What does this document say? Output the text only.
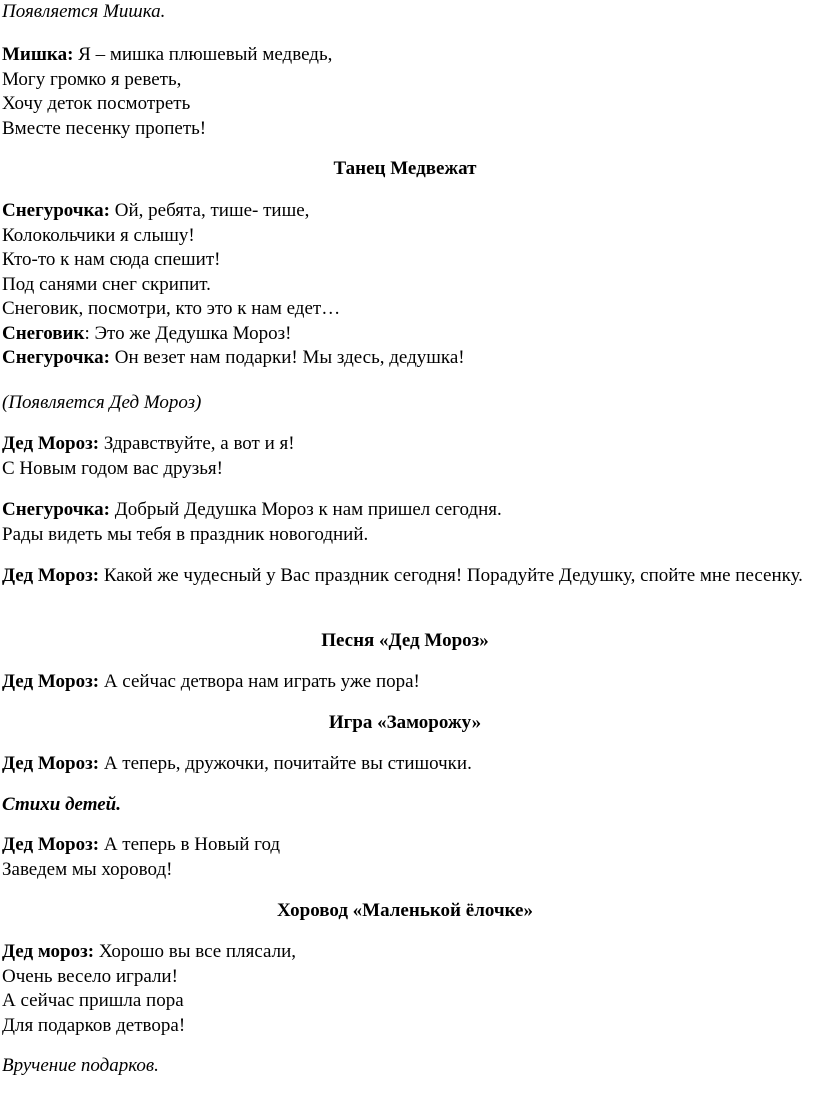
Появляется Мишка.
Мишка: Я – мишка плюшевый медведь,
Могу громко я реветь,
Хочу деток посмотреть
Вместе песенку пропеть!
Танец Медвежат
Снегурочка: Ой, ребята, тише- тише,
Колокольчики я слышу!
Кто-то к нам сюда спешит!
Под санями снег скрипит.
Снеговик, посмотри, кто это к нам едет…
Снеговик: Это же Дедушка Мороз!
Снегурочка: Он везет нам подарки! Мы здесь, дедушка!
(Появляется Дед Мороз)
Дед Мороз: Здравствуйте, а вот и я!
С Новым годом вас друзья!
Снегурочка: Добрый Дедушка Мороз к нам пришел сегодня.
Рады видеть мы тебя в праздник новогодний.
Дед Мороз: Какой же чудесный у Вас праздник сегодня! Порадуйте Дедушку, спойте мне песенку.
Песня «Дед Мороз»
Дед Мороз: А сейчас детвора нам играть уже пора!
Игра «Заморожу»
Дед Мороз: А теперь, дружочки, почитайте вы стишочки.
Стихи детей.
Дед Мороз: А теперь в Новый год
Заведем мы хоровод!
Хоровод «Маленькой ёлочке»
Дед мороз: Хорошо вы все плясали,
Очень весело играли!
А сейчас пришла пора
Для подарков детвора!
Вручение подарков.
